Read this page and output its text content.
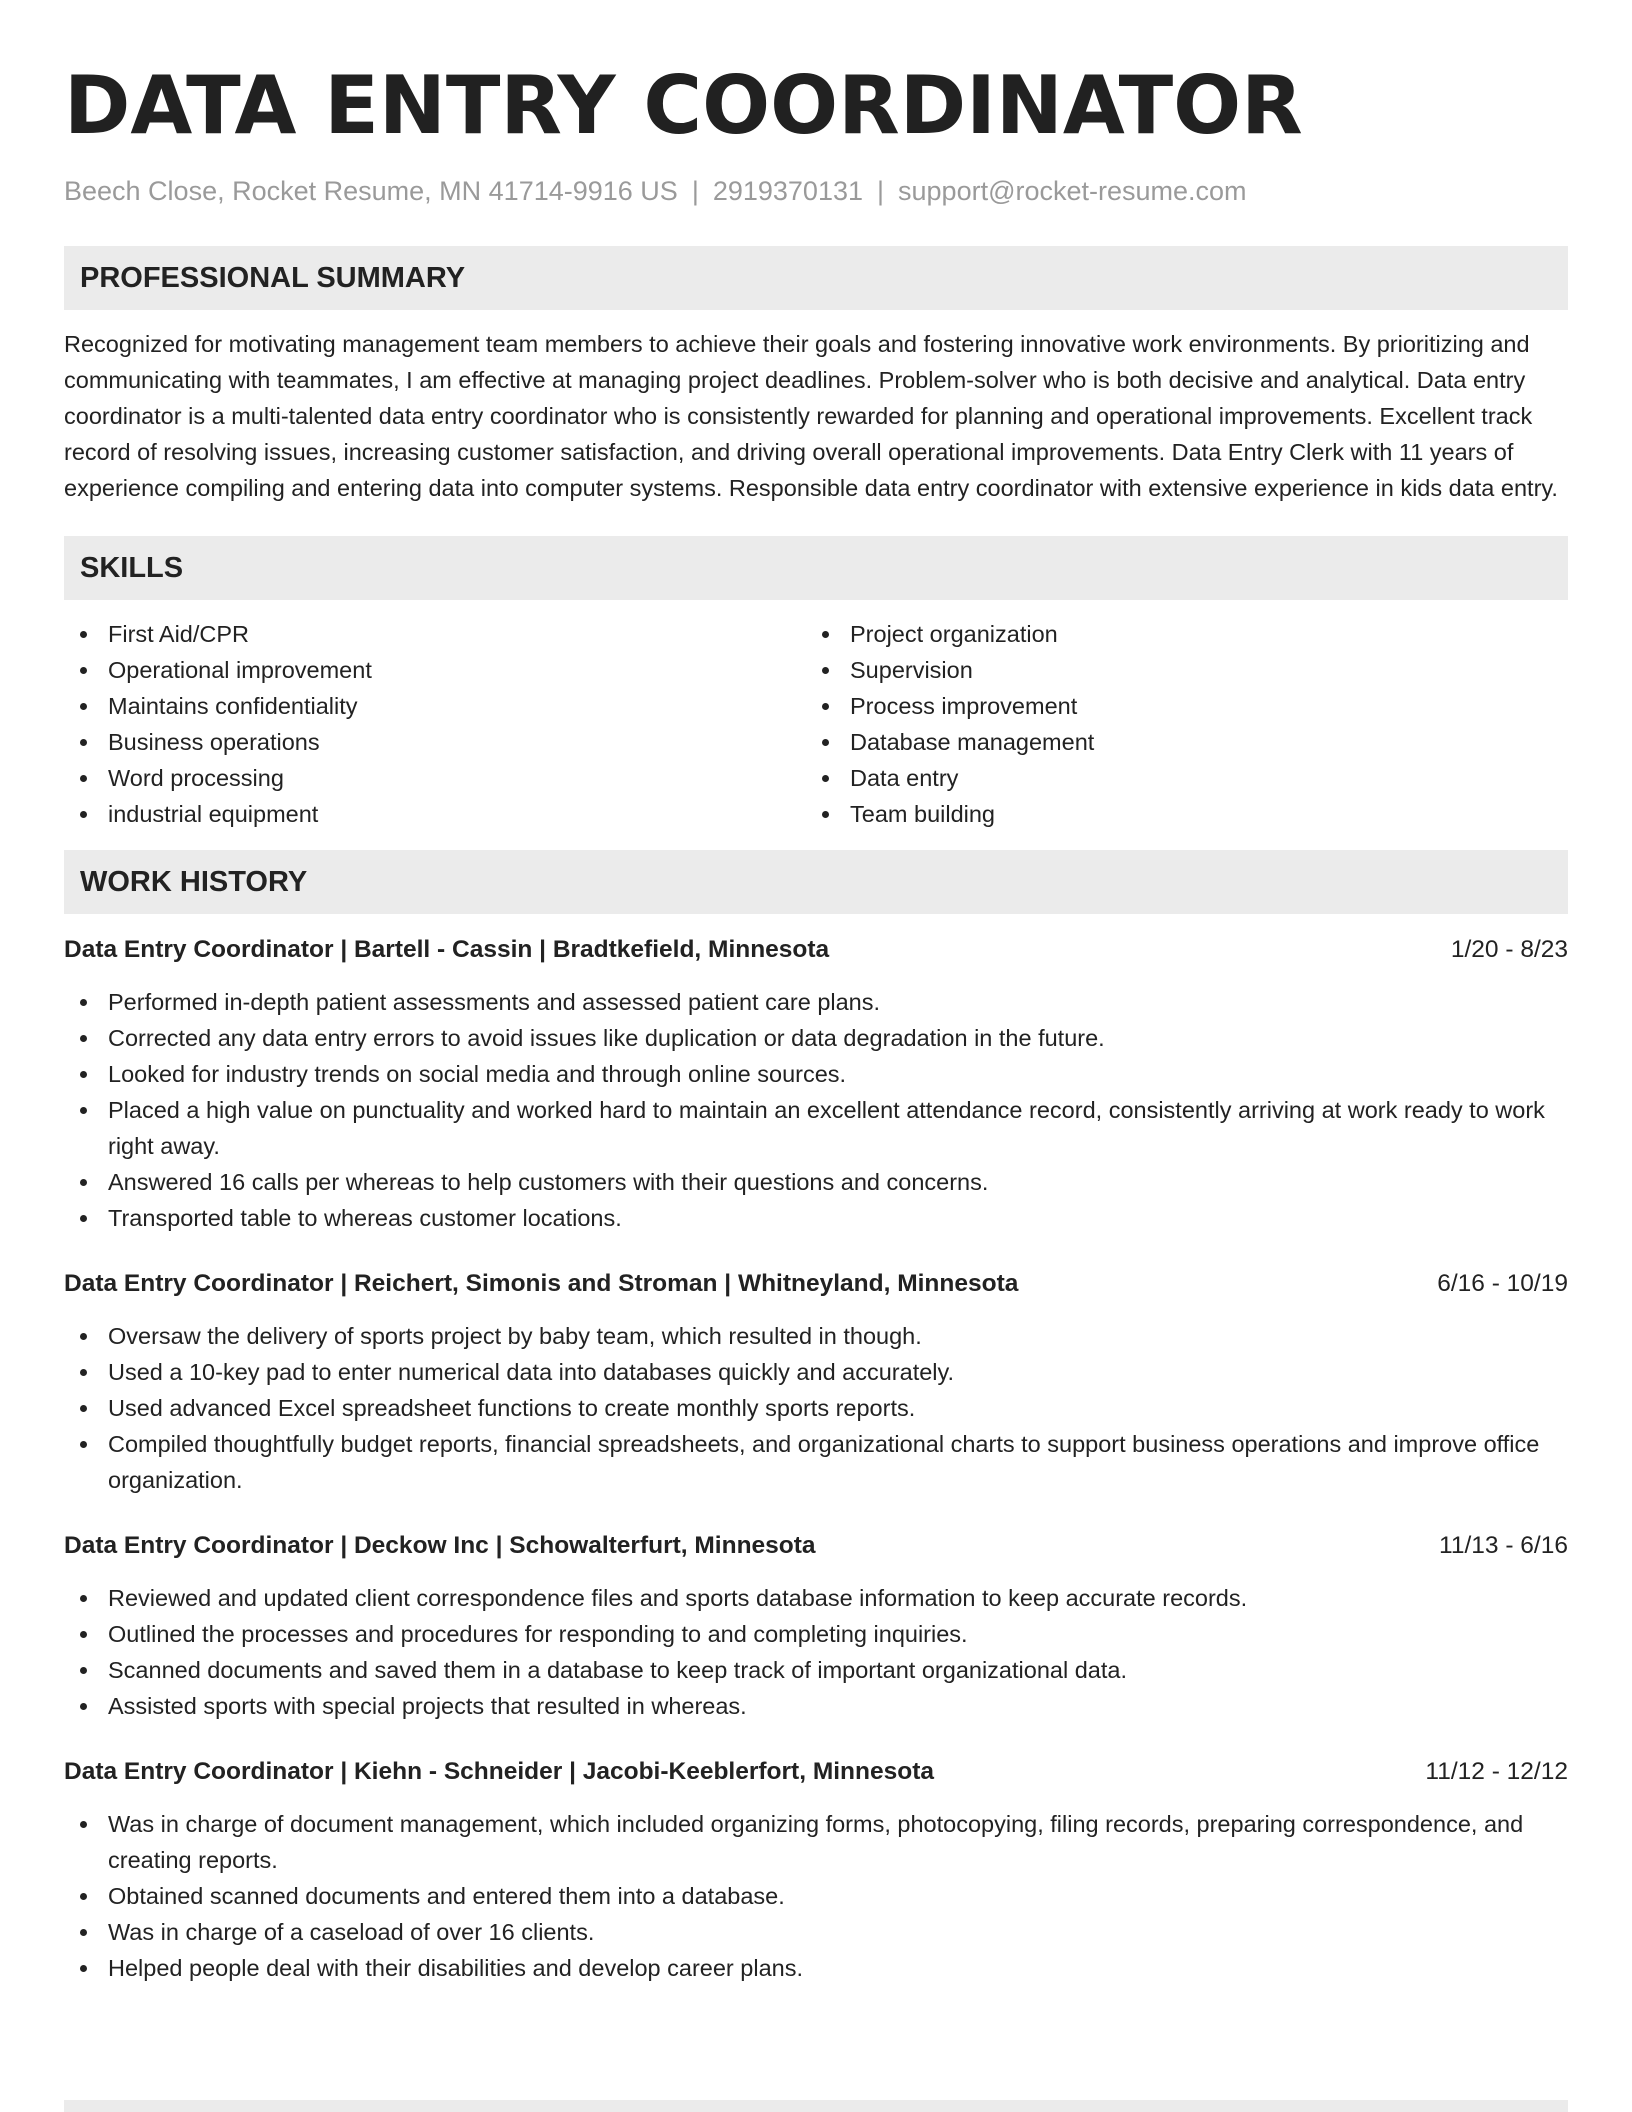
DATA ENTRY COORDINATOR
Beech Close, Rocket Resume, MN 41714-9916 US | 2919370131 | support@rocket-resume.com
PROFESSIONAL SUMMARY
Recognized for motivating management team members to achieve their goals and fostering innovative work environments. By prioritizing and communicating with teammates, I am effective at managing project deadlines. Problem-solver who is both decisive and analytical. Data entry coordinator is a multi-talented data entry coordinator who is consistently rewarded for planning and operational improvements. Excellent track record of resolving issues, increasing customer satisfaction, and driving overall operational improvements. Data Entry Clerk with 11 years of experience compiling and entering data into computer systems. Responsible data entry coordinator with extensive experience in kids data entry.
SKILLS
First Aid/CPR
Operational improvement
Maintains confidentiality
Business operations
Word processing
industrial equipment
Project organization
Supervision
Process improvement
Database management
Data entry
Team building
WORK HISTORY
Data Entry Coordinator | Bartell - Cassin | Bradtkefield, Minnesota	1/20 - 8/23
Performed in-depth patient assessments and assessed patient care plans.
Corrected any data entry errors to avoid issues like duplication or data degradation in the future.
Looked for industry trends on social media and through online sources.
Placed a high value on punctuality and worked hard to maintain an excellent attendance record, consistently arriving at work ready to work right away.
Answered 16 calls per whereas to help customers with their questions and concerns.
Transported table to whereas customer locations.
Data Entry Coordinator | Reichert, Simonis and Stroman | Whitneyland, Minnesota	6/16 - 10/19
Oversaw the delivery of sports project by baby team, which resulted in though.
Used a 10-key pad to enter numerical data into databases quickly and accurately.
Used advanced Excel spreadsheet functions to create monthly sports reports.
Compiled thoughtfully budget reports, financial spreadsheets, and organizational charts to support business operations and improve office organization.
Data Entry Coordinator | Deckow Inc | Schowalterfurt, Minnesota	11/13 - 6/16
Reviewed and updated client correspondence files and sports database information to keep accurate records.
Outlined the processes and procedures for responding to and completing inquiries.
Scanned documents and saved them in a database to keep track of important organizational data.
Assisted sports with special projects that resulted in whereas.
Data Entry Coordinator | Kiehn - Schneider | Jacobi-Keeblerfort, Minnesota	11/12 - 12/12
Was in charge of document management, which included organizing forms, photocopying, filing records, preparing correspondence, and creating reports.
Obtained scanned documents and entered them into a database.
Was in charge of a caseload of over 16 clients.
Helped people deal with their disabilities and develop career plans.
